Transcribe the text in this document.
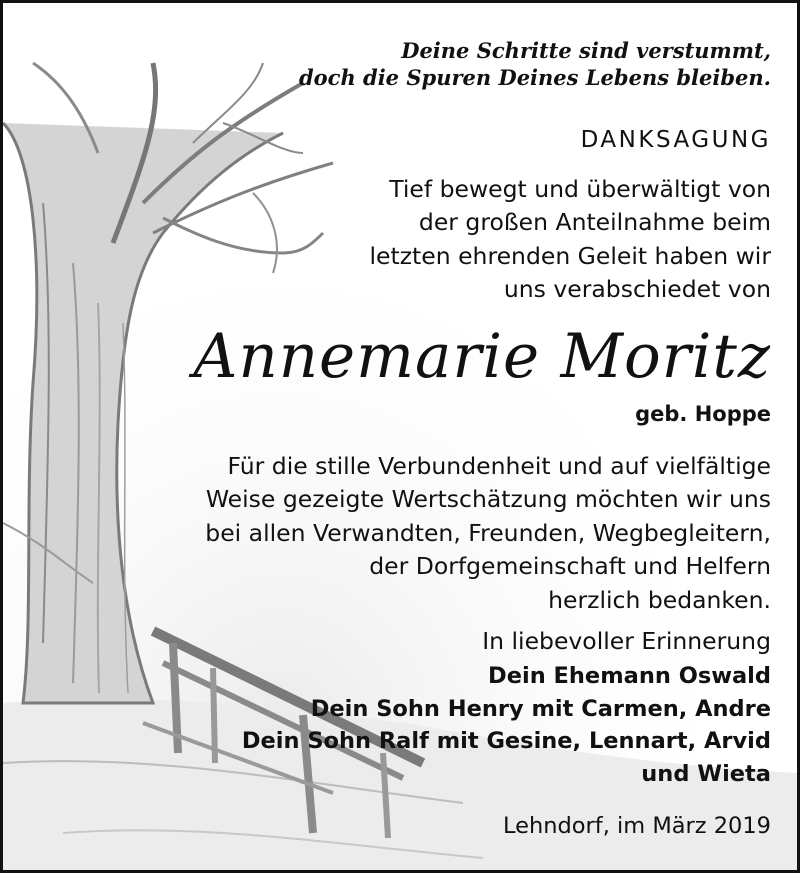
Deine Schritte sind verstummt,
doch die Spuren Deines Lebens bleiben.
DANKSAGUNG
Tief bewegt und überwältigt von
der großen Anteilnahme beim
letzten ehrenden Geleit haben wir
uns verabschiedet von
Annemarie Moritz
geb. Hoppe
Für die stille Verbundenheit und auf vielfältige
Weise gezeigte Wertschätzung möchten wir uns
bei allen Verwandten, Freunden, Wegbegleitern,
der Dorfgemeinschaft und Helfern
herzlich bedanken.
In liebevoller Erinnerung
Dein Ehemann Oswald
Dein Sohn Henry mit Carmen, Andre
Dein Sohn Ralf mit Gesine, Lennart, Arvid
und Wieta
Lehndorf, im März 2019
